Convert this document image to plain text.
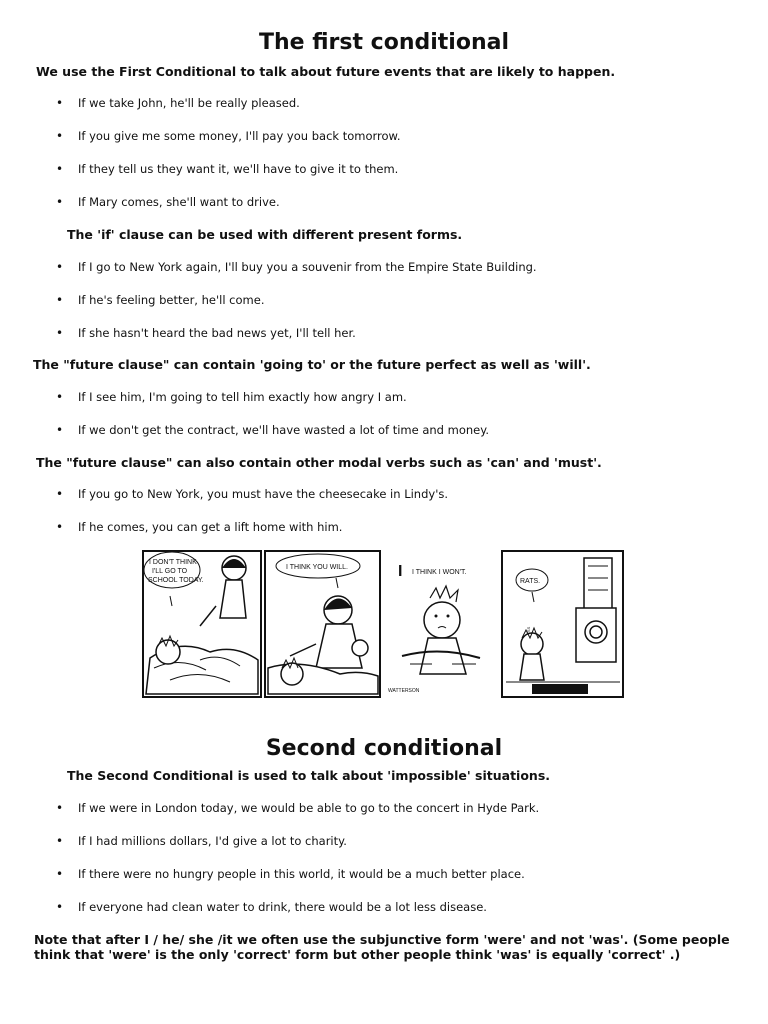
The first conditional

We use the First Conditional to talk about future events that are likely to happen.

• If we take John, he'll be really pleased.
• If you give me some money, I'll pay you back tomorrow.
• If they tell us they want it, we'll have to give it to them.
• If Mary comes, she'll want to drive.

The 'if' clause can be used with different present forms.

• If I go to New York again, I'll buy you a souvenir from the Empire State Building.
• If he's feeling better, he'll come.
• If she hasn't heard the bad news yet, I'll tell her.

The "future clause" can contain 'going to' or the future perfect as well as 'will'.

• If I see him, I'm going to tell him exactly how angry I am.
• If we don't get the contract, we'll have wasted a lot of time and money.

The "future clause" can also contain other modal verbs such as 'can' and 'must'.

• If you go to New York, you must have the cheesecake in Lindy's.
• If he comes, you can get a lift home with him.
I DON'T THINK
I'LL GO TO
SCHOOL TODAY.
I THINK YOU WILL.	I I THINK I WON'T.
WATTERSON
RATS.
Second conditional

The Second Conditional is used to talk about 'impossible' situations.

• If we were in London today, we would be able to go to the concert in Hyde Park.
• If I had millions dollars, I'd give a lot to charity.
• If there were no hungry people in this world, it would be a much better place.
• If everyone had clean water to drink, there would be a lot less disease.

Note that after I / he/ she /it we often use the subjunctive form 'were' and not 'was'. (Some people think that 'were' is the only 'correct' form but other people think 'was' is equally 'correct' .)
